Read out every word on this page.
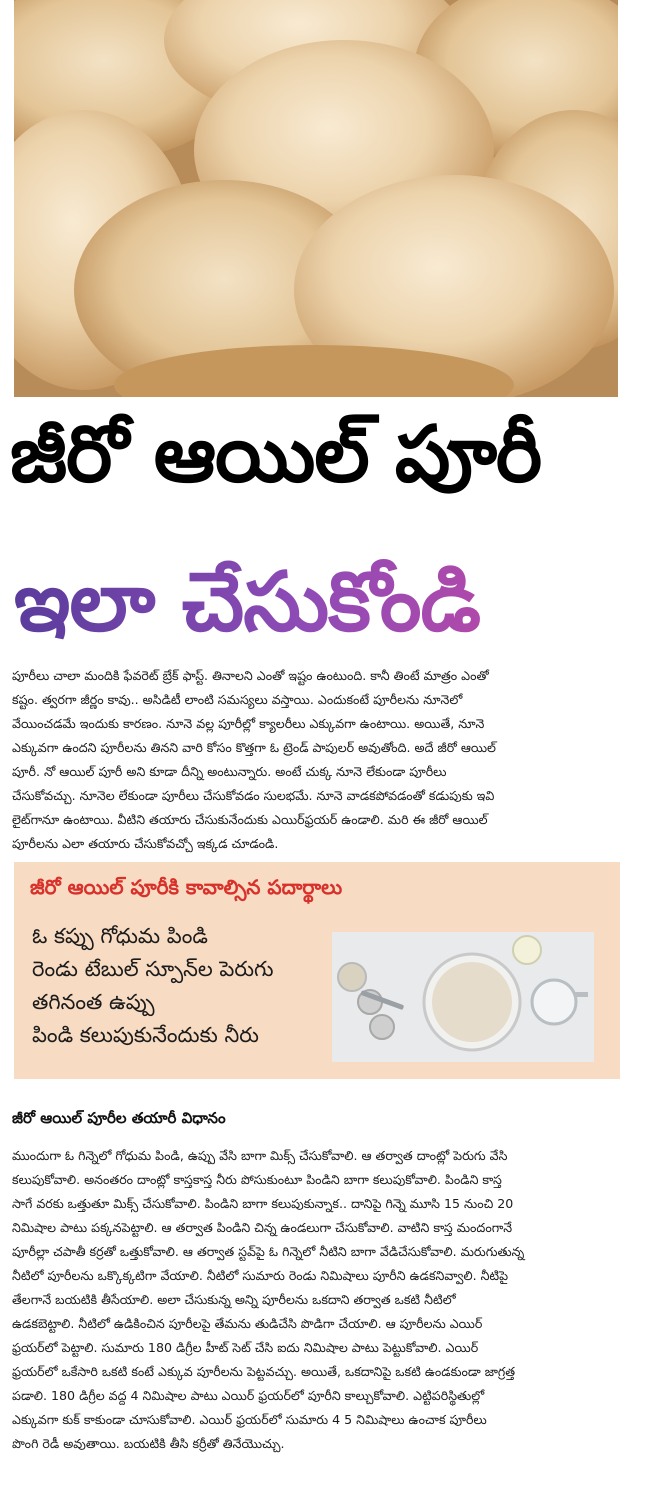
జీరో ఆయిల్ పూరీ
ఇలా చేసుకోండి

పూరీలు చాలా మందికి ఫేవరెట్ బ్రేక్ ఫాస్ట్. తినాలని ఎంతో ఇష్టం ఉంటుంది. కానీ తింటే మాత్రం ఎంతో

కష్టం. త్వరగా జీర్ణం కావు.. అసిడిటీ లాంటి సమస్యలు వస్తాయి. ఎందుకంటే పూరీలను నూనెలో

వేయించడమే ఇందుకు కారణం. నూనె వల్ల పూరీల్లో క్యాలరీలు ఎక్కువగా ఉంటాయి. అయితే, నూనె

ఎక్కువగా ఉందని పూరీలను తినని వారి కోసం కొత్తగా ఓ ట్రెండ్ పాపులర్ అవుతోంది. అదే జీరో ఆయిల్

పూరీ. నో ఆయిల్ పూరీ అని కూడా దీన్ని అంటున్నారు. అంటే చుక్క నూనె లేకుండా పూరీలు

చేసుకోవచ్చు. నూనెల లేకుండా పూరీలు చేసుకోవడం సులభమే. నూనె వాడకపోవడంతో కడుపుకు ఇవి

లైట్‌గానూ ఉంటాయి. వీటిని తయారు చేసుకునేందుకు ఎయిర్‌ఫ్రయర్ ఉండాలి. మరి ఈ జీరో ఆయిల్

పూరీలను ఎలా తయారు చేసుకోవచ్చో ఇక్కడ చూడండి.

జీరో ఆయిల్ పూరీకి కావాల్సిన పదార్థాలు
ఓ కప్పు గోధుమ పిండి
రెండు టేబుల్ స్పూన్‌ల పెరుగు
తగినంత ఉప్పు
పిండి కలుపుకునేందుకు నీరు
జీరో ఆయిల్ పూరీల తయారీ విధానం

ముందుగా ఓ గిన్నెలో గోధుమ పిండి, ఉప్పు వేసి బాగా మిక్స్ చేసుకోవాలి. ఆ తర్వాత దాంట్లో పెరుగు వేసి

కలుపుకోవాలి. అనంతరం దాంట్లో కాస్తకాస్త నీరు పోసుకుంటూ పిండిని బాగా కలుపుకోవాలి. పిండిని కాస్త

సాగే వరకు ఒత్తుతూ మిక్స్ చేసుకోవాలి. పిండిని బాగా కలుపుకున్నాక.. దానిపై గిన్నె మూసి 15 నుంచి 20

నిమిషాల పాటు పక్కనపెట్టాలి. ఆ తర్వాత పిండిని చిన్న ఉండలుగా చేసుకోవాలి. వాటిని కాస్త మందంగానే

పూరీల్లా చపాతీ కర్రతో ఒత్తుకోవాలి. ఆ తర్వాత స్టవ్‌పై ఓ గిన్నెలో నీటిని బాగా వేడిచేసుకోవాలి. మరుగుతున్న

నీటిలో పూరీలను ఒక్కొక్కటిగా వేయాలి. నీటిలో సుమారు రెండు నిమిషాలు పూరీని ఉడకనివ్వాలి. నీటిపై

తేలగానే బయటికి తీసేయాలి. అలా చేసుకున్న అన్ని పూరీలను ఒకదాని తర్వాత ఒకటి నీటిలో

ఉడకబెట్టాలి. నీటిలో ఉడికించిన పూరీలపై తేమను తుడిచేసి పొడిగా చేయాలి. ఆ పూరీలను ఎయిర్

ఫ్రయర్‌లో పెట్టాలి. సుమారు 180 డిగ్రీల హీట్ సెట్ చేసి ఐదు నిమిషాల పాటు పెట్టుకోవాలి. ఎయిర్

ఫ్రయర్‌లో ఒకేసారి ఒకటి కంటే ఎక్కువ పూరీలను పెట్టవచ్చు. అయితే, ఒకదానిపై ఒకటి ఉండకుండా జాగ్రత్త

పడాలి. 180 డిగ్రీల వద్ద 4 నిమిషాల పాటు ఎయిర్ ఫ్రయర్‌లో పూరీని కాల్చుకోవాలి. ఎట్టిపరిస్థితుల్లో

ఎక్కువగా కుక్ కాకుండా చూసుకోవాలి. ఎయిర్ ఫ్రయర్‌లో సుమారు 4 5 నిమిషాలు ఉంచాక పూరీలు

పొంగి రెడీ అవుతాయి. బయటికి తీసి కర్రీతో తినేయొచ్చు.
